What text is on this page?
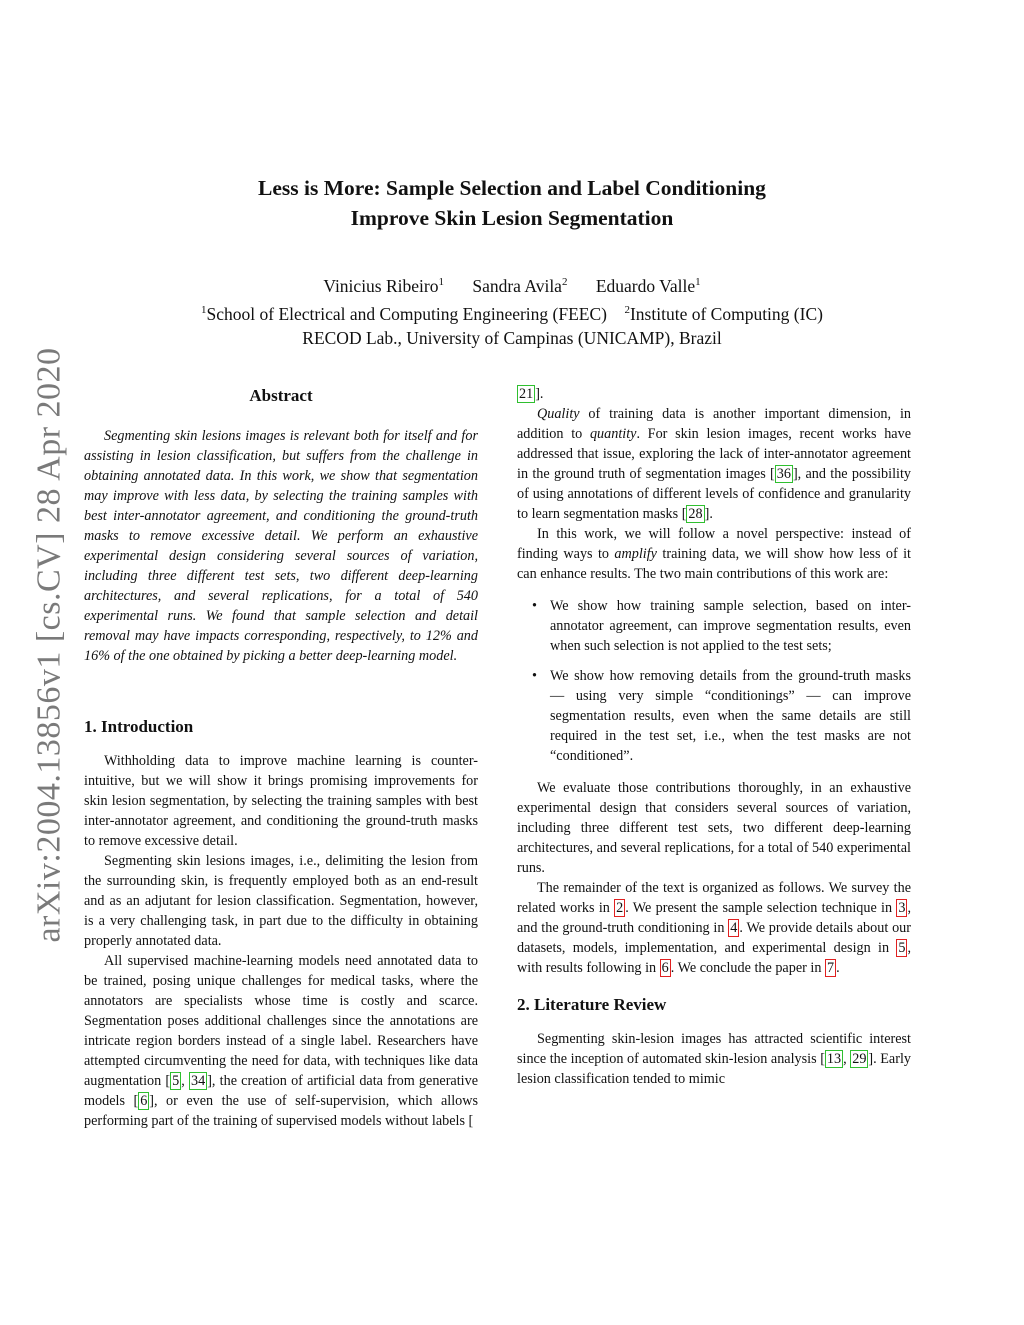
arXiv:2004.13856v1 [cs.CV] 28 Apr 2020
Less is More: Sample Selection and Label Conditioning
Improve Skin Lesion Segmentation
Vinicius Ribeiro$^1$ Sandra Avila$^2$ Eduardo Valle$^1$
$^1$School of Electrical and Computing Engineering (FEEC) $^2$Institute of Computing (IC)
RECOD Lab., University of Campinas (UNICAMP), Brazil
Abstract

Segmenting skin lesions images is relevant both for itself and for assisting in lesion classification, but suffers from the challenge in obtaining annotated data. In this work, we show that segmentation may improve with less data, by selecting the training samples with best inter-annotator agreement, and conditioning the ground-truth masks to remove excessive detail. We perform an exhaustive experimental design considering several sources of variation, including three different test sets, two different deep-learning architectures, and several replications, for a total of 540 experimental runs. We found that sample selection and detail removal may have impacts corresponding, respectively, to 12% and 16% of the one obtained by picking a better deep-learning model.

1. Introduction

Withholding data to improve machine learning is counter-intuitive, but we will show it brings promising improvements for skin lesion segmentation, by selecting the training samples with best inter-annotator agreement, and conditioning the ground-truth masks to remove excessive detail.

Segmenting skin lesions images, i.e., delimiting the lesion from the surrounding skin, is frequently employed both as an end-result and as an adjutant for lesion classification. Segmentation, however, is a very challenging task, in part due to the difficulty in obtaining properly annotated data.

All supervised machine-learning models need annotated data to be trained, posing unique challenges for medical tasks, where the annotators are specialists whose time is costly and scarce. Segmentation poses additional challenges since the annotations are intricate region borders instead of a single label. Researchers have attempted circumventing the need for data, with techniques like data augmentation [ 5 , 34 ], the creation of artificial data from generative models [ 6 ], or even the use of self-supervision, which allows performing part of the training of supervised models without labels [

21 ].

Quality of training data is another important dimension, in addition to quantity. For skin lesion images, recent works have addressed that issue, exploring the lack of inter-annotator agreement in the ground truth of segmentation images [ 36 ], and the possibility of using annotations of different levels of confidence and granularity to learn segmentation masks [ 28 ].

In this work, we will follow a novel perspective: instead of finding ways to amplify training data, we will show how less of it can enhance results. The two main contributions of this work are:

• We show how training sample selection, based on inter-annotator agreement, can improve segmentation results, even when such selection is not applied to the test sets;
• We show how removing details from the ground-truth masks — using very simple “conditionings” — can improve segmentation results, even when the same details are still required in the test set, i.e., when the test masks are not “conditioned”.

We evaluate those contributions thoroughly, in an exhaustive experimental design that considers several sources of variation, including three different test sets, two different deep-learning architectures, and several replications, for a total of 540 experimental runs.

The remainder of the text is organized as follows. We survey the related works in 2 . We present the sample selection technique in 3 , and the ground-truth conditioning in 4 . We provide details about our datasets, models, implementation, and experimental design in 5 , with results following in 6 . We conclude the paper in 7 .

2. Literature Review

Segmenting skin-lesion images has attracted scientific interest since the inception of automated skin-lesion analysis [ 13 , 29 ]. Early lesion classification tended to mimic
